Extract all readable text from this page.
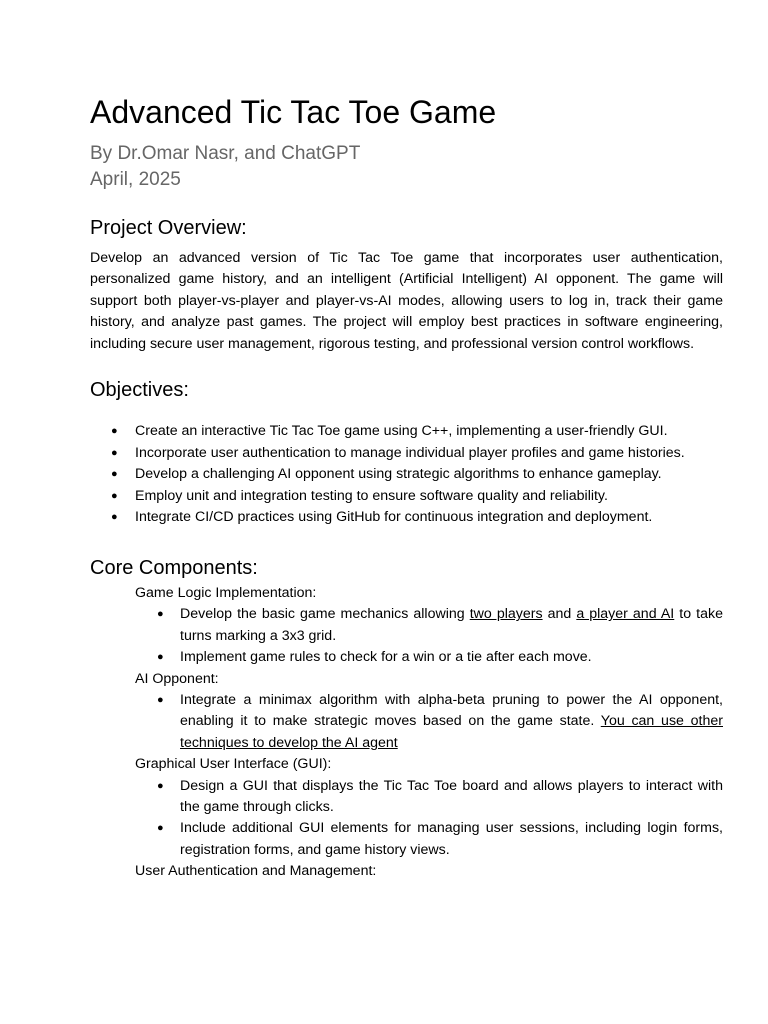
Advanced Tic Tac Toe Game
By Dr.Omar Nasr, and ChatGPT
April, 2025
Project Overview:
Develop an advanced version of Tic Tac Toe game that incorporates user authentication, personalized game history, and an intelligent (Artificial Intelligent) AI opponent. The game will support both player-vs-player and player-vs-AI modes, allowing users to log in, track their game history, and analyze past games. The project will employ best practices in software engineering, including secure user management, rigorous testing, and professional version control workflows.
Objectives:
● Create an interactive Tic Tac Toe game using C++, implementing a user-friendly GUI.
● Incorporate user authentication to manage individual player profiles and game histories.
● Develop a challenging AI opponent using strategic algorithms to enhance gameplay.
● Employ unit and integration testing to ensure software quality and reliability.
● Integrate CI/CD practices using GitHub for continuous integration and deployment.
Core Components:
Game Logic Implementation:
● Develop the basic game mechanics allowing two players and a player and AI to take turns marking a 3x3 grid.
● Implement game rules to check for a win or a tie after each move.
AI Opponent:
● Integrate a minimax algorithm with alpha-beta pruning to power the AI opponent, enabling it to make strategic moves based on the game state. You can use other techniques to develop the AI agent
Graphical User Interface (GUI):
● Design a GUI that displays the Tic Tac Toe board and allows players to interact with the game through clicks.
● Include additional GUI elements for managing user sessions, including login forms, registration forms, and game history views.
User Authentication and Management:
